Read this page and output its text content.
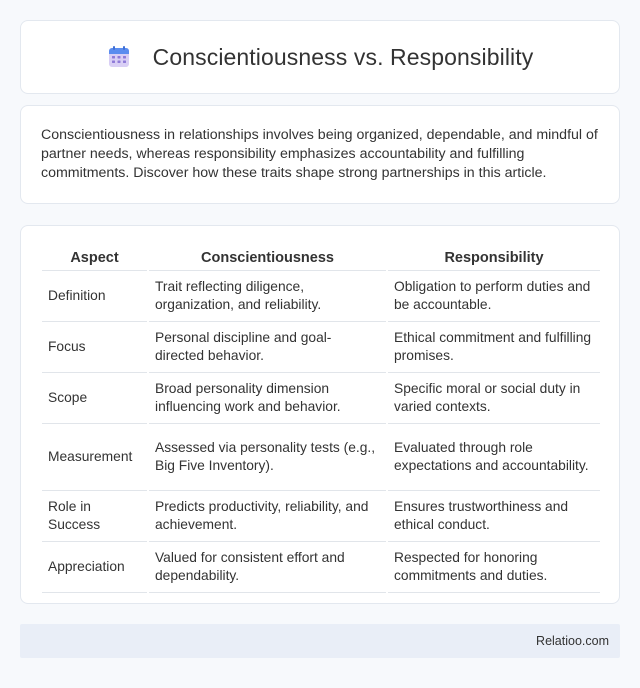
Conscientiousness vs. Responsibility

Conscientiousness in relationships involves being organized, dependable, and mindful of partner needs, whereas responsibility emphasizes accountability and fulfilling commitments. Discover how these traits shape strong partnerships in this article.

Aspect	Conscientiousness	Responsibility
Definition	Trait reflecting diligence, organization, and reliability.	Obligation to perform duties and be accountable.
Focus	Personal discipline and goal-directed behavior.	Ethical commitment and fulfilling promises.
Scope	Broad personality dimension influencing work and behavior.	Specific moral or social duty in varied contexts.
Measurement	Assessed via personality tests (e.g., Big Five Inventory).	Evaluated through role expectations and accountability.
Role in Success	Predicts productivity, reliability, and achievement.	Ensures trustworthiness and ethical conduct.
Appreciation	Valued for consistent effort and dependability.	Respected for honoring commitments and duties.
Relatioo.com
